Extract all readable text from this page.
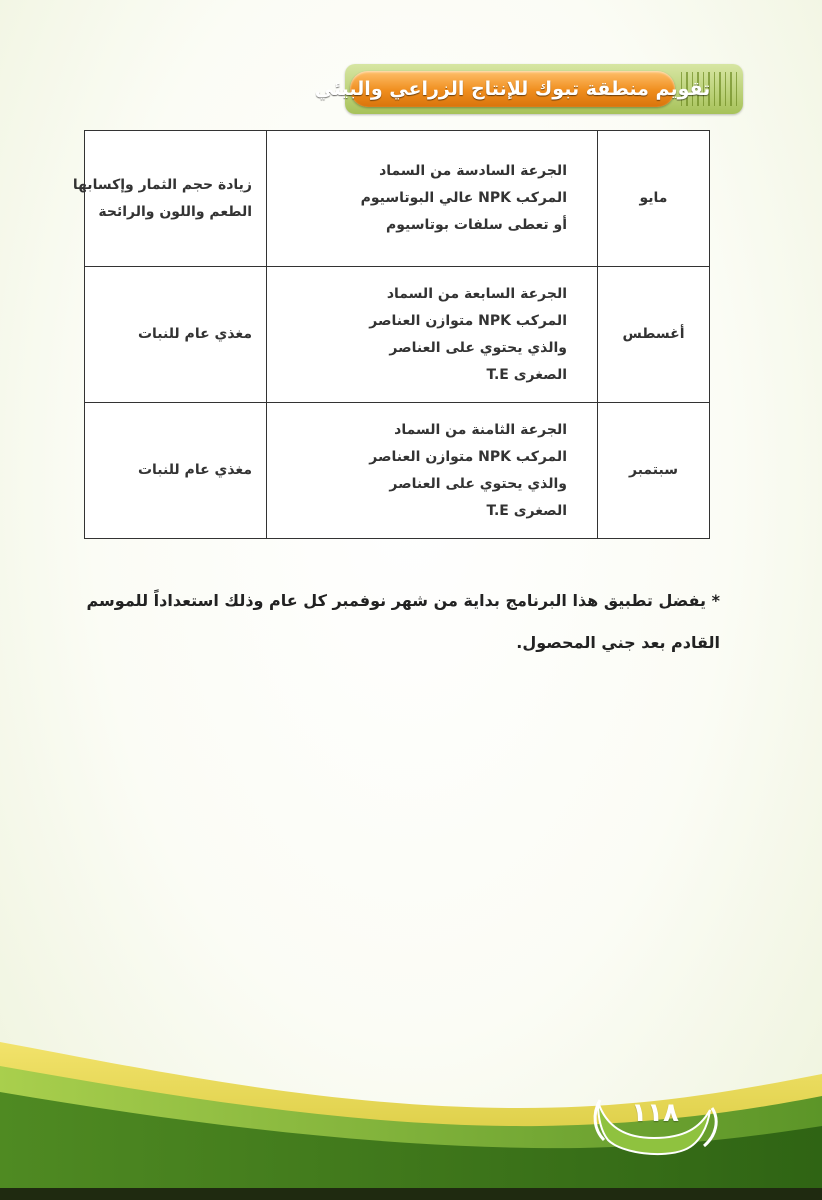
تقويم منطقة تبوك للإنتاج الزراعي والبيئي
مايو	الجرعة السادسة من السماد
المركب NPK عالي البوتاسيوم
أو تعطى سلفات بوتاسيوم	زيادة حجم الثمار وإكسابها
الطعم واللون والرائحة

أغسطس	الجرعة السابعة من السماد
المركب NPK متوازن العناصر
والذي يحتوي على العناصر
الصغرى T.E	مغذي عام للنبات

سبتمبر	الجرعة الثامنة من السماد
المركب NPK متوازن العناصر
والذي يحتوي على العناصر
الصغرى T.E	مغذي عام للنبات
* يفضل تطبيق هذا البرنامج بداية من شهر نوفمبر كل عام وذلك استعداداً للموسم
القادم بعد جني المحصول.
١١٨
